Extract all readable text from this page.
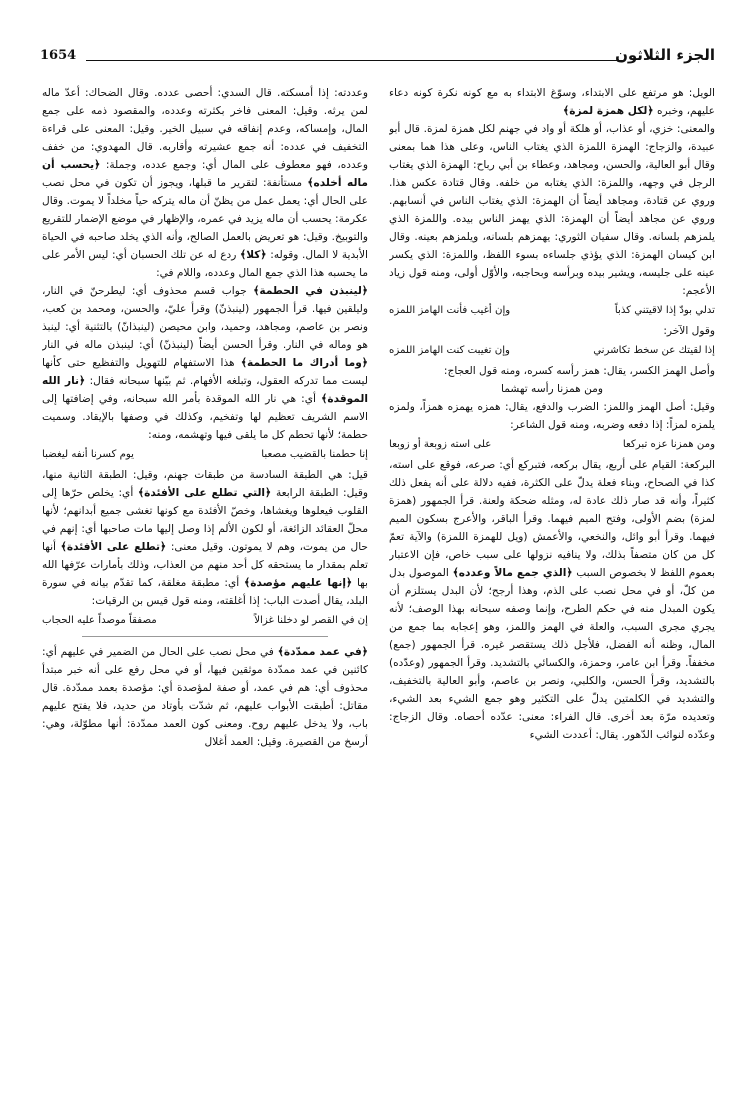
الجزء الثلاثون
1654

الويل: هو مرتفع على الابتداء، وسوّغ الابتداء به مع كونه نكرة كونه دعاء عليهم، وخبره ﴿لكل همزة لمزة﴾

والمعنى: خزي، أو عذاب، أو هلكة أو واد في جهنم لكل همزة لمزة. قال أبو عبيدة، والزجاج: الهمزة اللمزة الذي يغتاب الناس، وعلى هذا هما بمعنى وقال أبو العالية، والحسن، ومجاهد، وعطاء بن أبي رباح: الهمزة الذي يغتاب الرجل في وجهه، واللمزة: الذي يغتابه من خلفه. وقال قتادة عكس هذا. وروي عن قتادة، ومجاهد أيضاً أن الهمزة: الذي يغتاب الناس في أنسابهم. وروي عن مجاهد أيضاً أن الهمزة: الذي يهمز الناس بيده. واللمزة الذي يلمزهم بلسانه. وقال سفيان الثوري: يهمزهم بلسانه، ويلمزهم بعينه. وقال ابن كيسان الهمزة: الذي يؤذي جلساءه بسوء اللفظ، واللمزة: الذي يكسر عينه على جليسه، ويشير بيده وبرأسه وبحاجبه، والأوّل أولى، ومنه قول زياد الأعجم:

تدلي بودّ إذا لاقيتني كذباً
وإن أغيب فأنت الهامز اللمزه

وقول الآخر:

إذا لقيتك عن سخط تكاشرني
وإن تغيبت كنت الهامز اللمزه

وأصل الهمز الكسر، يقال: همز رأسه كسره، ومنه قول العجاج:

ومن همزنا رأسه تهشما

وقيل: أصل الهمز واللمز: الضرب والدفع، يقال: همزه يهمزه همزاً، ولمزه يلمزه لمزاً: إذا دفعه وضربه، ومنه قول الشاعر:

ومن همزنا عزه تبركعا
على استه زوبعة أو زوبعا

البركعة: القيام على أربع، يقال بركعه، فتبركع أي: صرعه، فوقع على استه، كذا في الصحاح، وبناء فعلة يدلّ على الكثرة، ففيه دلالة على أنه يفعل ذلك كثيراً، وأنه قد صار ذلك عادة له، ومثله ضحكة ولعنة. قرأ الجمهور (همزة لمزة) بضم الأولى، وفتح الميم فيهما. وقرأ الباقر، والأعرج بسكون الميم فيهما. وقرأ أبو وائل، والنخعي، والأعمش (ويل للهمزة اللمزة) والآية تعمّ كل من كان متصفاً بذلك، ولا ينافيه نزولها على سبب خاص، فإن الاعتبار بعموم اللفظ لا بخصوص السبب ﴿الذي جمع مالاً وعدده﴾ الموصول بدل من كلّ، أو في محل نصب على الذم، وهذا أرجح؛ لأن البدل يستلزم أن يكون المبدل منه في حكم الطرح، وإنما وصفه سبحانه بهذا الوصف؛ لأنه يجري مجرى السبب، والعلة في الهمز واللمز، وهو إعجابه بما جمع من المال، وظنه أنه الفضل، فلأجل ذلك يستقصر غيره. قرأ الجمهور (جمع) مخففاً. وقرأ ابن عامر، وحمزة، والكسائي بالتشديد. وقرأ الجمهور (وعدّده) بالتشديد، وقرأ الحسن، والكلبي، ونصر بن عاصم، وأبو العالية بالتخفيف، والتشديد في الكلمتين يدلّ على التكثير وهو جمع الشيء بعد الشيء، وتعديده مرّة بعد أخرى. قال الفراء: معنى: عدّده أحصاه. وقال الزجاج: وعدّده لنوائب الدّهور. يقال: أعددت الشيء

وعددته: إذا أمسكته. قال السدي: أحصى عدده. وقال الضحاك: أعدّ ماله لمن يرثه. وقيل: المعنى فاخر بكثرته وعدده، والمقصود ذمه على جمع المال، وإمساكه، وعدم إنفاقه في سبيل الخير. وقيل: المعنى على قراءة التخفيف في عدده: أنه جمع عشيرته وأقاربه. قال المهدوي: من خفف وعدده، فهو معطوف على المال أي: وجمع عدده، وجملة: ﴿يحسب أن ماله أخلده﴾ مستأنفة: لتقرير ما قبلها، ويجوز أن تكون في محل نصب على الحال أي: يعمل عمل من يظنّ أن ماله يتركه حياً مخلداً لا يموت. وقال عكرمة: يحسب أن ماله يزيد في عمره، والإظهار في موضع الإضمار للتقريع والتوبيخ. وقيل: هو تعريض بالعمل الصالح، وأنه الذي يخلد صاحبه في الحياة الأبدية لا المال. وقوله: ﴿كلا﴾ ردع له عن تلك الحسبان أي: ليس الأمر على ما يحسبه هذا الذي جمع المال وعدده، واللام في:

﴿لينبذن في الحطمة﴾ جواب قسم محذوف أي: ليطرحنّ في النار، وليلقين فيها. قرأ الجمهور (لينبذنّ) وقرأ عليّ، والحسن، ومحمد بن كعب، ونصر بن عاصم، ومجاهد، وحميد، وابن محيصن (لينبذانّ) بالتثنية أي: لينبذ هو وماله في النار. وقرأ الحسن أيضاً (لينبذنّ) أي: لينبذن ماله في النار ﴿وما أدراك ما الحطمة﴾ هذا الاستفهام للتهويل والتفظيع حتى كأنها ليست مما تدركه العقول، وتبلغه الأفهام. ثم بيّنها سبحانه فقال: ﴿نار الله الموقدة﴾ أي: هي نار الله الموقدة بأمر الله سبحانه، وفي إضافتها إلى الاسم الشريف تعظيم لها وتفخيم، وكذلك في وصفها بالإيقاد. وسميت حطمة؛ لأنها تحطم كل ما يلقى فيها وتهشمه، ومنه:

إنا حطمنا بالقضيب مصعبا
يوم كسرنا أنفه ليغضبا

قيل: هي الطبقة السادسة من طبقات جهنم، وقيل: الطبقة الثانية منها، وقيل: الطبقة الرابعة ﴿التي تطلع على الأفئدة﴾ أي: يخلص حرّها إلى القلوب فيعلوها ويغشاها، وخصّ الأفئدة مع كونها تغشى جميع أبدانهم؛ لأنها محلّ العقائد الزائغة، أو لكون الألم إذا وصل إليها مات صاحبها أي: إنهم في حال من يموت، وهم لا يموتون. وقيل معنى: ﴿تطلع على الأفئدة﴾ أنها تعلم بمقدار ما يستحقه كل أحد منهم من العذاب، وذلك بأمارات عرّفها الله بها ﴿إنها عليهم مؤصدة﴾ أي: مطبقة مغلقة، كما تقدّم بيانه في سورة البلد، يقال أصدت الباب: إذا أغلقته، ومنه قول قيس بن الرقيات:

إن في القصر لو دخلنا غزالاً
مصفقاً موصداً عليه الحجاب

﴿في عمد ممدّدة﴾ في محل نصب على الحال من الضمير في عليهم أي: كائنين في عمد ممدّدة موثقين فيها، أو في محل رفع على أنه خبر مبتدأ محذوف أي: هم في عمد، أو صفة لمؤصدة أي: مؤصدة بعمد ممدّدة. قال مقاتل: أطبقت الأبواب عليهم، ثم شدّت بأوتاد من حديد، فلا يفتح عليهم باب، ولا يدخل عليهم روح. ومعنى كون العمد ممدّدة: أنها مطوّلة، وهي: أرسخ من القصيرة. وقيل: العمد أغلال
